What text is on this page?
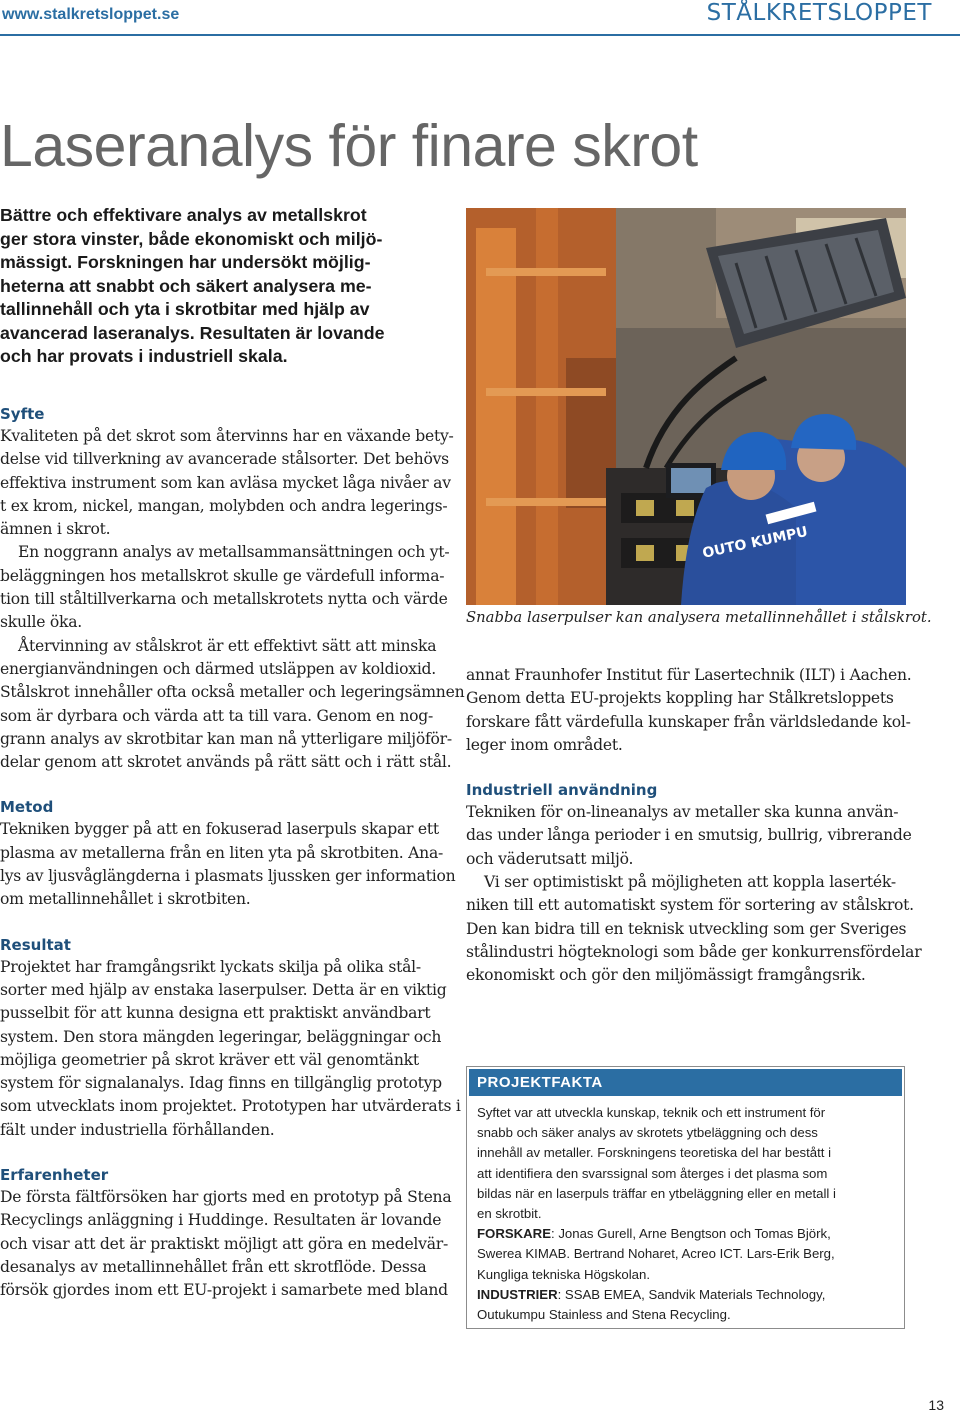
www.stalkretsloppet.se	STÅLKRETSLOPPET
Laseranalys för finare skrot
Bättre och effektivare analys av metallskrot
ger stora vinster, både ekonomiskt och miljö-
mässigt. Forskningen har undersökt möjlig-
heterna att snabbt och säkert analysera me-
tallinnehåll och yta i skrotbitar med hjälp av
avancerad laseranalys. Resultaten är lovande
och har provats i industriell skala.
Syfte
Kvaliteten på det skrot som återvinns har en växande bety-
delse vid tillverkning av avancerade stålsorter. Det behövs
effektiva instrument som kan avläsa mycket låga nivåer av
t ex krom, nickel, mangan, molybden och andra legerings-
ämnen i skrot.
En noggrann analys av metallsammansättningen och yt-
beläggningen hos metallskrot skulle ge värdefull informa-
tion till ståltillverkarna och metallskrotets nytta och värde
skulle öka.
Återvinning av stålskrot är ett effektivt sätt att minska
energianvändningen och därmed utsläppen av koldioxid.
Stålskrot innehåller ofta också metaller och legeringsämnen
som är dyrbara och värda att ta till vara. Genom en nog-
grann analys av skrotbitar kan man nå ytterligare miljöför-
delar genom att skrotet används på rätt sätt och i rätt stål.
Metod
Tekniken bygger på att en fokuserad laserpuls skapar ett
plasma av metallerna från en liten yta på skrotbiten. Ana-
lys av ljusvåglängderna i plasmats ljussken ger information
om metallinnehållet i skrotbiten.
Resultat
Projektet har framgångsrikt lyckats skilja på olika stål-
sorter med hjälp av enstaka laserpulser. Detta är en viktig
pusselbit för att kunna designa ett praktiskt användbart
system. Den stora mängden legeringar, beläggningar och
möjliga geometrier på skrot kräver ett väl genomtänkt
system för signalanalys. Idag finns en tillgänglig prototyp
som utvecklats inom projektet. Prototypen har utvärderats i
fält under industriella förhållanden.
Erfarenheter
De första fältförsöken har gjorts med en prototyp på Stena
Recyclings anläggning i Huddinge. Resultaten är lovande
och visar att det är praktiskt möjligt att göra en medelvär-
desanalys av metallinnehållet från ett skrotflöde. Dessa
försök gjordes inom ett EU-projekt i samarbete med bland
OUTO KUMPU
Snabba laserpulser kan analysera metallinnehållet i stålskrot.
annat Fraunhofer Institut für Lasertechnik (ILT) i Aachen.
Genom detta EU-projekts koppling har Stålkretsloppets
forskare fått värdefulla kunskaper från världsledande kol-
leger inom området.
Industriell användning
Tekniken för on-lineanalys av metaller ska kunna använ-
das under långa perioder i en smutsig, bullrig, vibrerande
och väderutsatt miljö.
Vi ser optimistiskt på möjligheten att koppla laserték-
niken till ett automatiskt system för sortering av stålskrot.
Den kan bidra till en teknisk utveckling som ger Sveriges
stålindustri högteknologi som både ger konkurrensfördelar
ekonomiskt och gör den miljömässigt framgångsrik.
PROJEKTFAKTA
Syftet var att utveckla kunskap, teknik och ett instrument för
snabb och säker analys av skrotets ytbeläggning och dess
innehåll av metaller. Forskningens teoretiska del har bestått i
att identifiera den svarssignal som återges i det plasma som
bildas när en laserpuls träffar en ytbeläggning eller en metall i
en skrotbit.
FORSKARE: Jonas Gurell, Arne Bengtson och Tomas Björk,
Swerea KIMAB. Bertrand Noharet, Acreo ICT. Lars-Erik Berg,
Kungliga tekniska Högskolan.
INDUSTRIER: SSAB EMEA, Sandvik Materials Technology,
Outukumpu Stainless and Stena Recycling.
13
